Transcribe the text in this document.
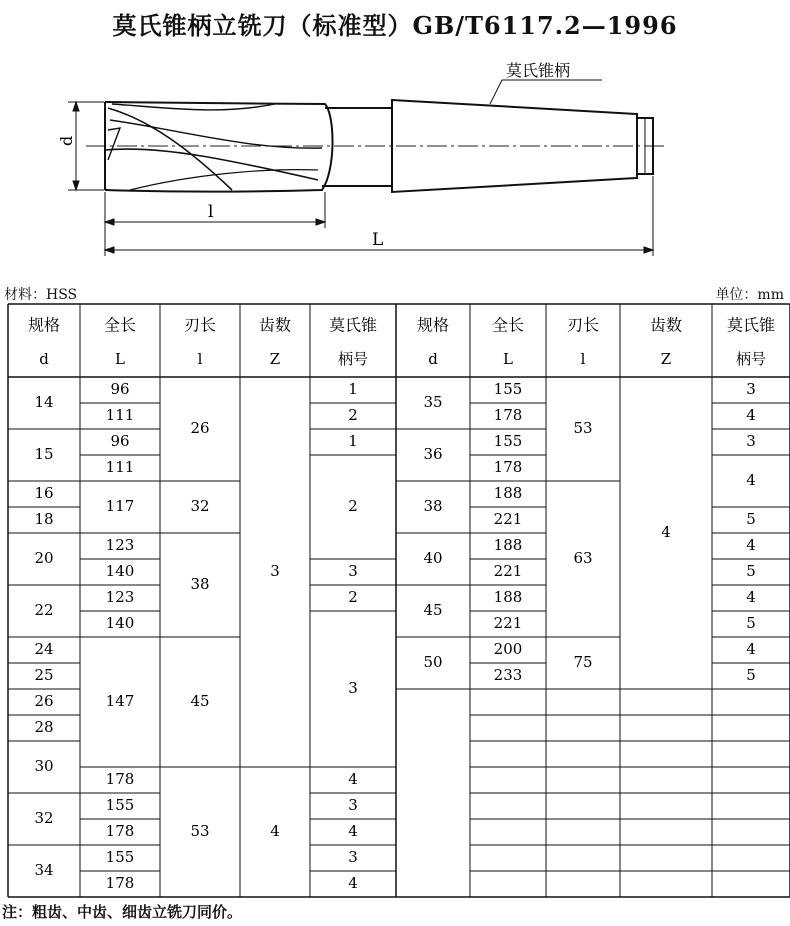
莫氏锥柄立铣刀（标准型）GB/T6117.2—1996
莫氏锥柄
d
l
L
材料：HSS	单位：mm
规格
d
全长
L
刃长
l
齿数
Z
莫氏锥
柄号
规格
d
全长
L
刃长
l
齿数
Z
莫氏锥
柄号
14
15
16
18
20
22
24
25
26
28
30
32
34
96
111
96
111
117
123
140
123
140
147
178
155
178
155
178
26
32
38
45
53
3
4
1
2
1
2
3
2
3
4
3
4
3
4
35
36
38
40
45
50
155
178
155
178
188
221
188
221
188
221
200
233
53
63
75
4
3
4
3
4
5
4
5
4
5
4
5
注：粗齿、中齿、细齿立铣刀同价。
